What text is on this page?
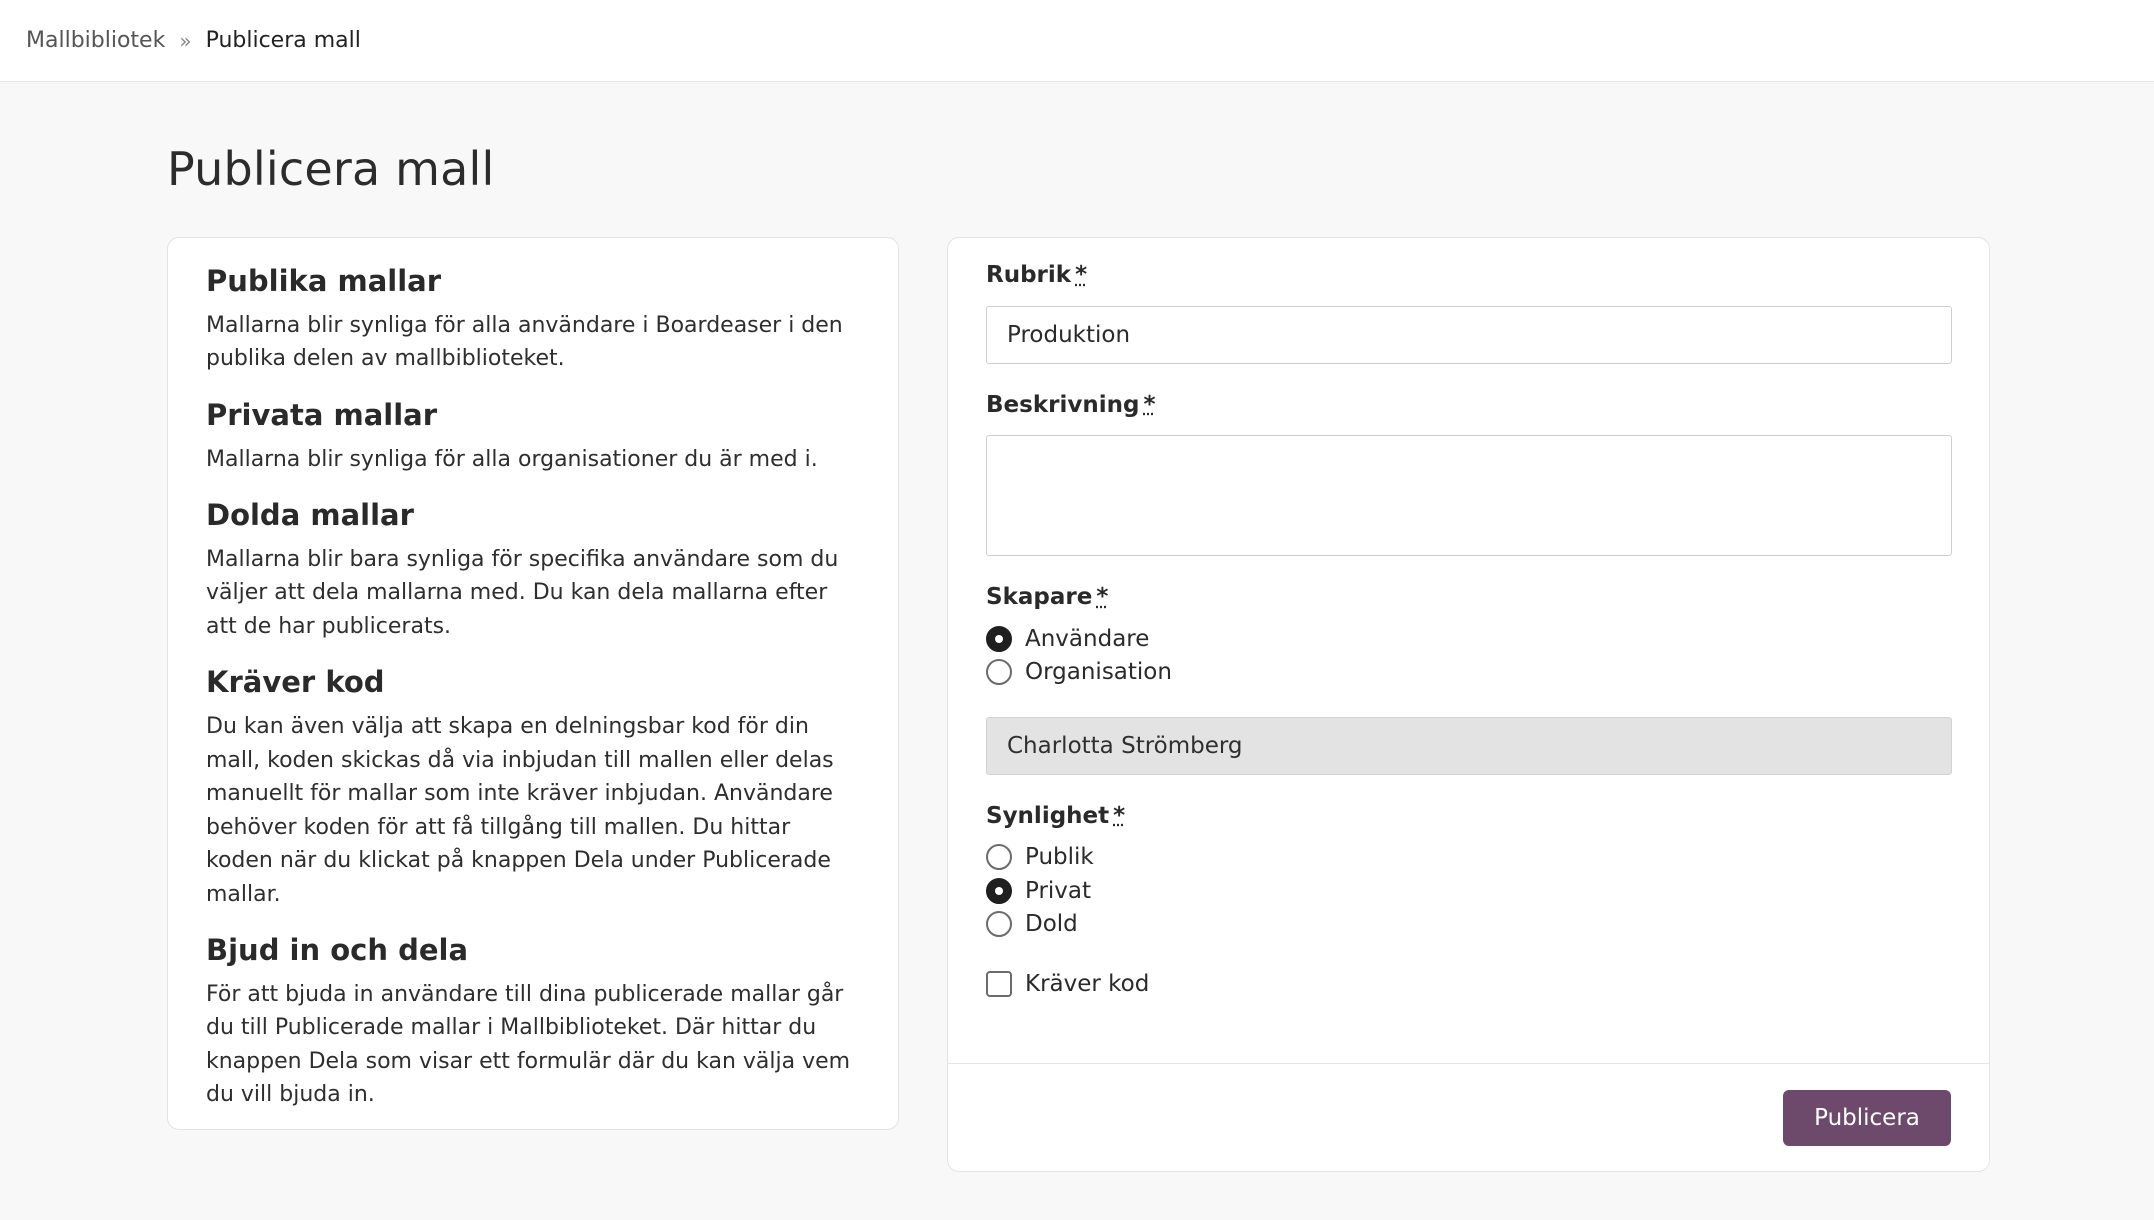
Mallbibliotek » Publicera mall
Publicera mall
Publika mallar

Mallarna blir synliga för alla användare i Boardeaser i den publika delen av mallbiblioteket.

Privata mallar

Mallarna blir synliga för alla organisationer du är med i.

Dolda mallar

Mallarna blir bara synliga för specifika användare som du väljer att dela mallarna med. Du kan dela mallarna efter att de har publicerats.

Kräver kod

Du kan även välja att skapa en delningsbar kod för din mall, koden skickas då via inbjudan till mallen eller delas manuellt för mallar som inte kräver inbjudan. Användare behöver koden för att få tillgång till mallen. Du hittar koden när du klickat på knappen Dela under Publicerade mallar.

Bjud in och dela

För att bjuda in användare till dina publicerade mallar går du till Publicerade mallar i Mallbiblioteket. Där hittar du knappen Dela som visar ett formulär där du kan välja vem du vill bjuda in.

Rubrik *
Produktion
Beskrivning *
Skapare *
Användare
Organisation
Charlotta Strömberg
Synlighet *
Publik
Privat
Dold
Kräver kod
Publicera
